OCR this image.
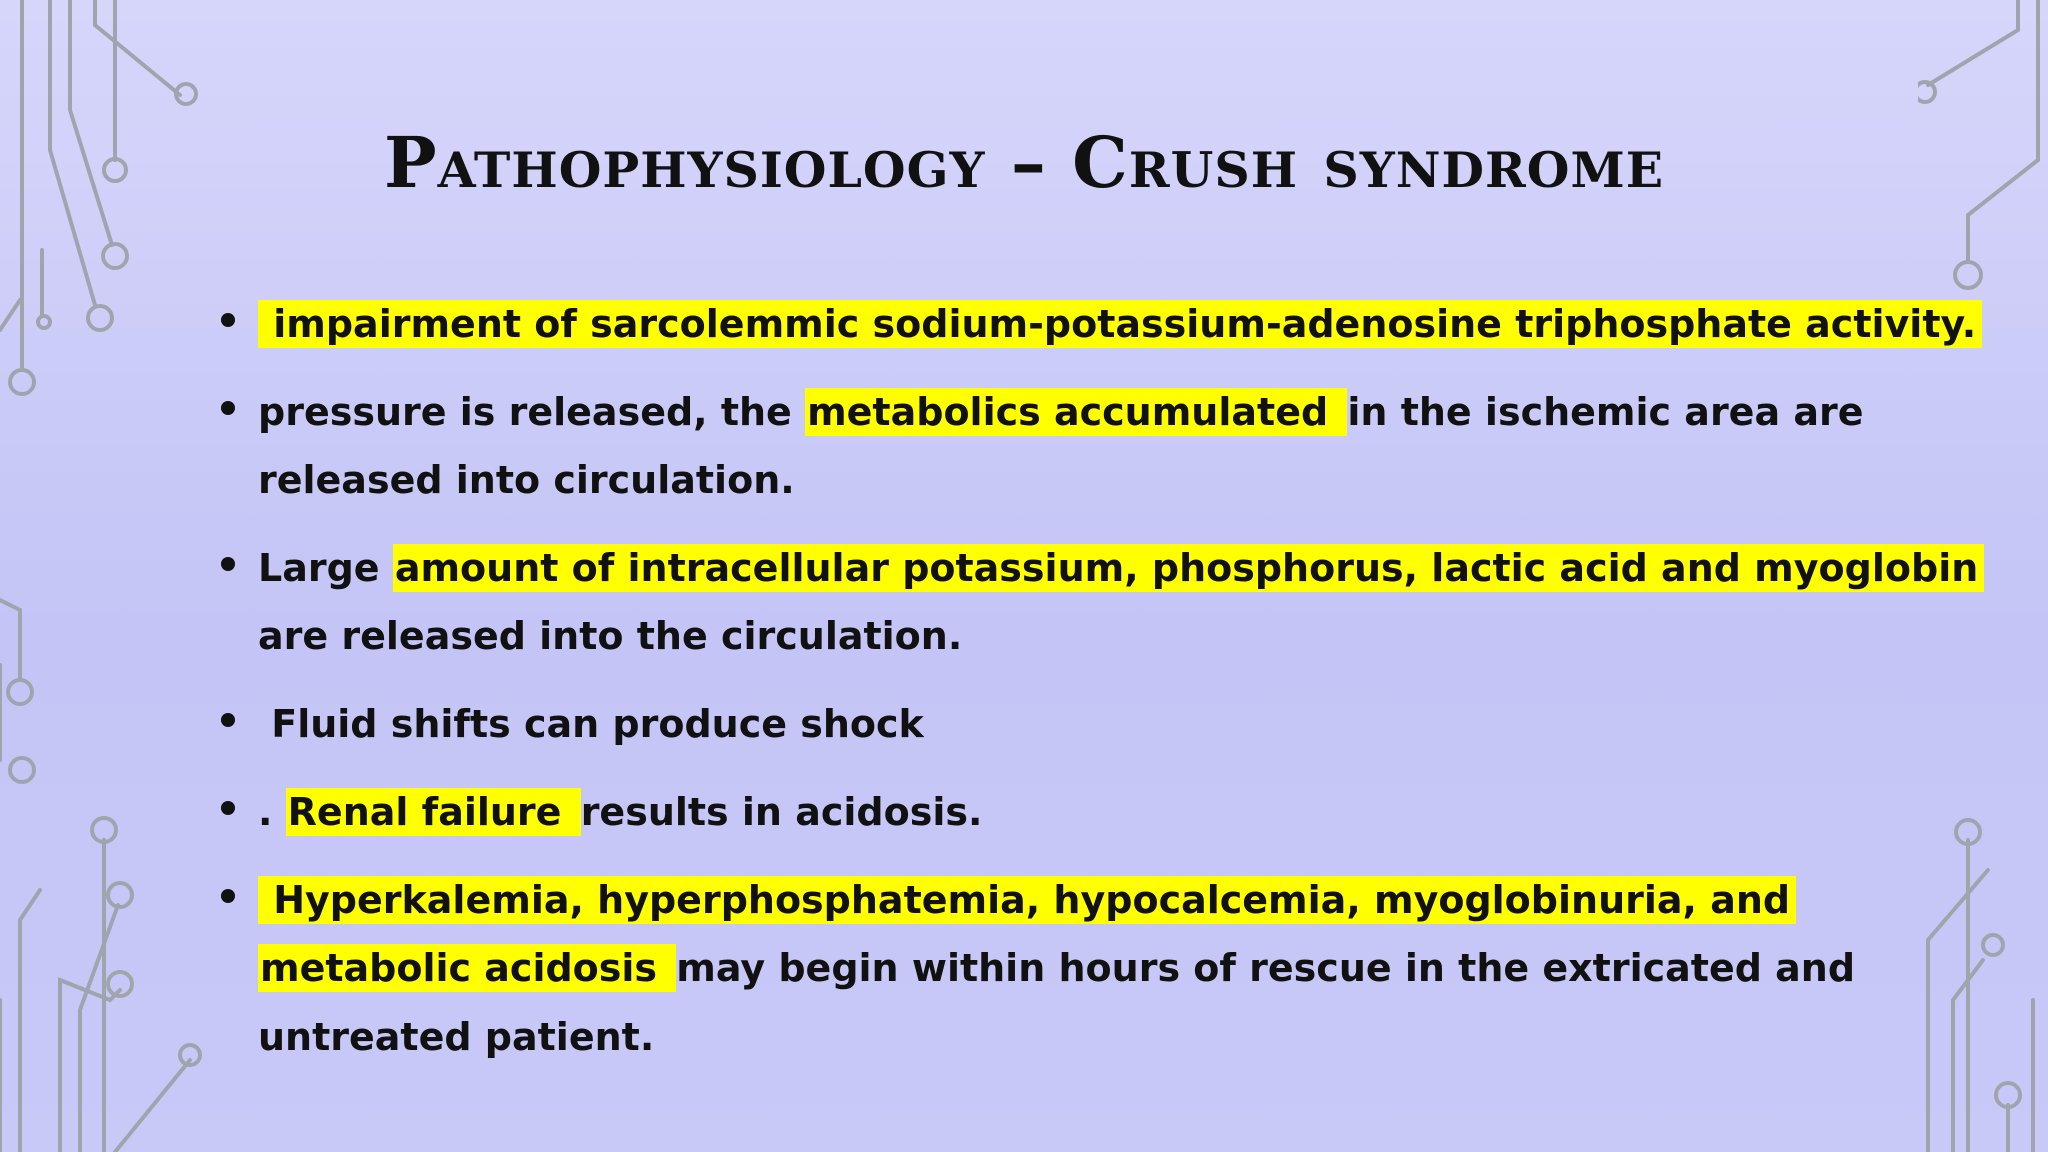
Pathophysiology – Crush syndrome
impairment of sarcolemmic sodium-potassium-adenosine triphosphate activity.
pressure is released, the metabolics accumulated in the ischemic area are
released into circulation.
Large amount of intracellular potassium, phosphorus, lactic acid and myoglobin
are released into the circulation.
Fluid shifts can produce shock
. Renal failure results in acidosis.
Hyperkalemia, hyperphosphatemia, hypocalcemia, myoglobinuria, and
metabolic acidosis may begin within hours of rescue in the extricated and
untreated patient.
